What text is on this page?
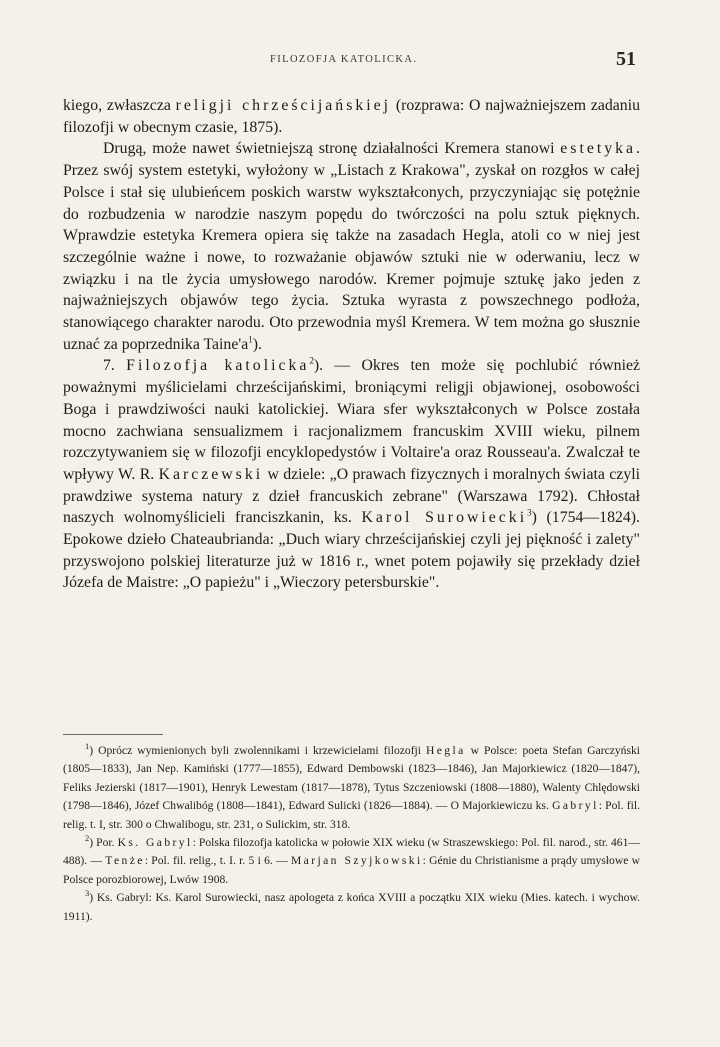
FILOZOFJA KATOLICKA.	51

kiego, zwłaszcza religji chrześcijańskiej (rozprawa: O najważniejszem zadaniu filozofji w obecnym czasie, 1875).

Drugą, może nawet świetniejszą stronę działalności Kremera stanowi estetyka. Przez swój system estetyki, wyłożony w „Listach z Krakowa", zyskał on rozgłos w całej Polsce i stał się ulubieńcem poskich warstw wykształconych, przyczyniając się potężnie do rozbudzenia w narodzie naszym popędu do twórczości na polu sztuk pięknych. Wprawdzie estetyka Kremera opiera się także na zasadach Hegla, atoli co w niej jest szczególnie ważne i nowe, to rozważanie objawów sztuki nie w oderwaniu, lecz w związku i na tle życia umysłowego narodów. Kremer pojmuje sztukę jako jeden z najważniejszych objawów tego życia. Sztuka wyrasta z powszechnego podłoża, stanowiącego charakter narodu. Oto przewodnia myśl Kremera. W tem można go słusznie uznać za poprzednika $Taine'a^1$).

7. Filozofja katolicka$^2$). — Okres ten może się pochlubić również poważnymi myślicielami chrześcijańskimi, broniącymi religji objawionej, osobowości Boga i prawdziwości nauki katolickiej. Wiara sfer wykształconych w Polsce została mocno zachwiana sensualizmem i racjonalizmem francuskim XVIII wieku, pilnem rozczytywaniem się w filozofji encyklopedystów i Voltaire'a oraz Rousseau'a. Zwalczał te wpływy W. R. Karczewski w dziele: „O prawach fizycznych i moralnych świata czyli prawdziwe systema natury z dzieł francuskich zebrane" (Warszawa 1792). Chłostał naszych wolnomyślicieli franciszkanin, ks. Karol Surowiecki$^3$) (1754—1824). Epokowe dzieło Chateaubrianda: „Duch wiary chrześcijańskiej czyli jej piękność i zalety" przyswojono polskiej literaturze już w 1816 r., wnet potem pojawiły się przekłady dzieł Józefa de Maistre: „O papieżu" i „Wieczory petersburskie".

$^1$) Oprócz wymienionych byli zwolennikami i krzewicielami filozofji Hegla w Polsce: poeta Stefan Garczyński (1805—1833), Jan Nep. Kamiński (1777—1855), Edward Dembowski (1823—1846), Jan Majorkiewicz (1820—1847), Feliks Jezierski (1817—1901), Henryk Lewestam (1817—1878), Tytus Szczeniowski (1808—1880), Walenty Chlędowski (1798—1846), Józef Chwalibóg (1808—1841), Edward Sulicki (1826—1884). — O Majorkiewiczu ks. Gabryl: Pol. fil. relig. t. I, str. 300 o Chwalibogu, str. 231, o Sulickim, str. 318.

$^2$) Por. Ks. Gabryl: Polska filozofja katolicka w połowie XIX wieku (w Straszewskiego: Pol. fil. narod., str. 461—488). — Tenże: Pol. fil. relig., t. I. r. 5 i 6. — Marjan Szyjkowski: Génie du Christianisme a prądy umysłowe w Polsce porozbiorowej, Lwów 1908.

$^3$) Ks. Gabryl: Ks. Karol Surowiecki, nasz apologeta z końca XVIII a początku XIX wieku (Mies. katech. i wychow. 1911).
